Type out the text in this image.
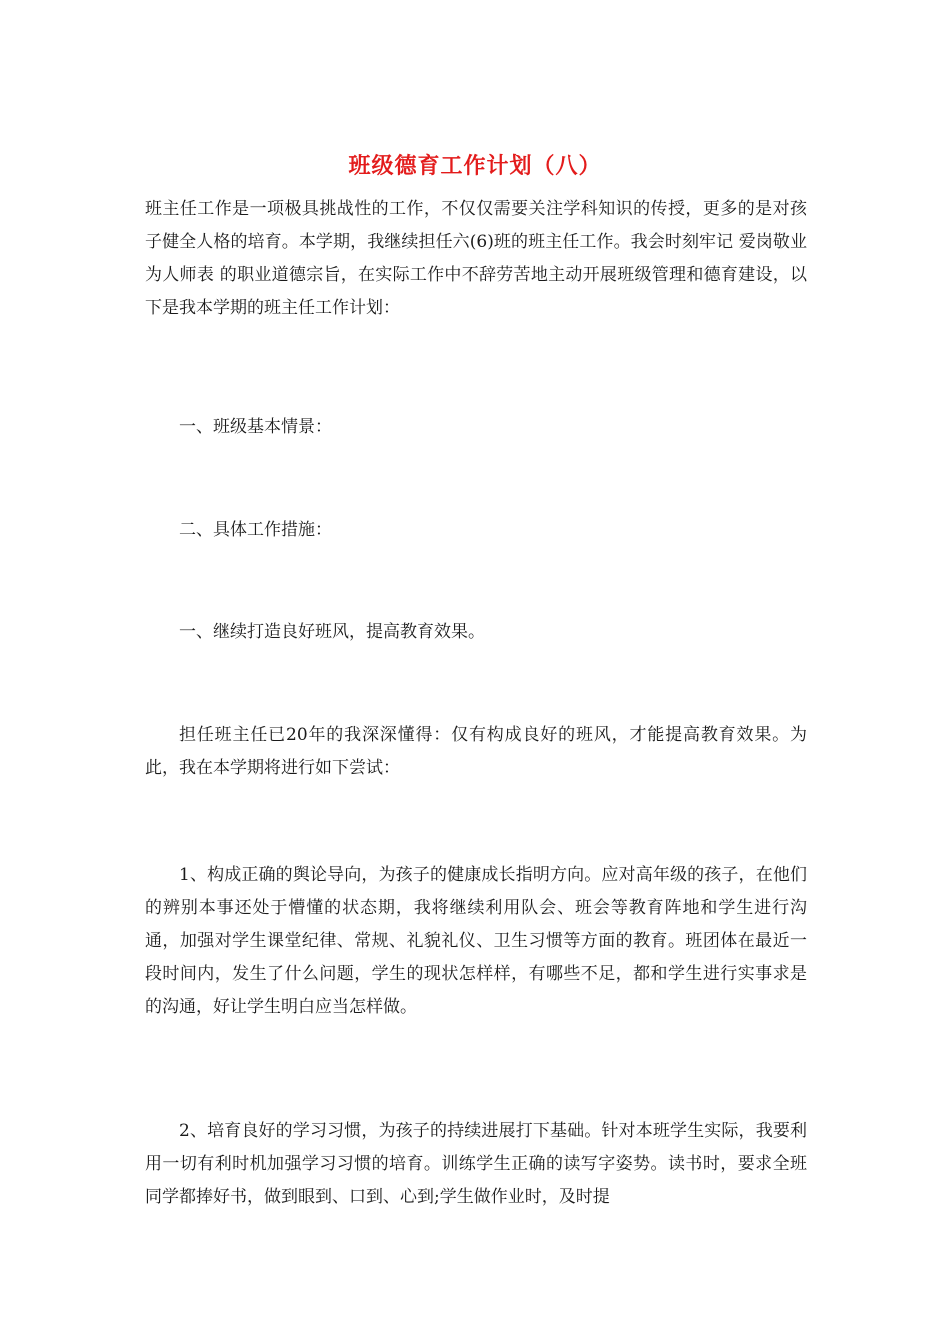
班级德育工作计划（八）

班主任工作是一项极具挑战性的工作，不仅仅需要关注学科知识的传授，更多的是对孩子健全人格的培育。本学期，我继续担任六(6)班的班主任工作。我会时刻牢记 爱岗敬业 为人师表 的职业道德宗旨，在实际工作中不辞劳苦地主动开展班级管理和德育建设，以下是我本学期的班主任工作计划：

一、班级基本情景：

二、具体工作措施：

一、继续打造良好班风，提高教育效果。

担任班主任已20年的我深深懂得：仅有构成良好的班风，才能提高教育效果。为此，我在本学期将进行如下尝试：

1、构成正确的舆论导向，为孩子的健康成长指明方向。应对高年级的孩子，在他们的辨别本事还处于懵懂的状态期，我将继续利用队会、班会等教育阵地和学生进行沟通，加强对学生课堂纪律、常规、礼貌礼仪、卫生习惯等方面的教育。班团体在最近一段时间内，发生了什么问题，学生的现状怎样样，有哪些不足，都和学生进行实事求是的沟通，好让学生明白应当怎样做。

2、培育良好的学习习惯，为孩子的持续进展打下基础。针对本班学生实际，我要利用一切有利时机加强学习习惯的培育。训练学生正确的读写字姿势。读书时，要求全班同学都捧好书，做到眼到、口到、心到;学生做作业时，及时提
